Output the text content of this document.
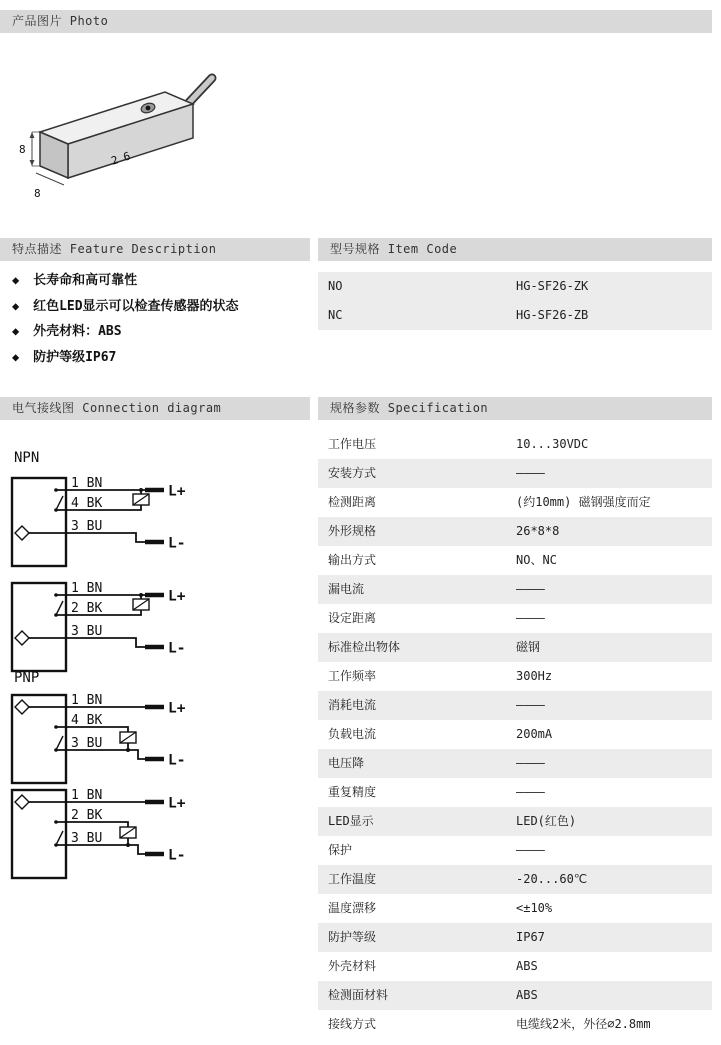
产品图片 Photo
8
8
26
特点描述 Feature Description	型号规格 Item Code
◆ 长寿命和高可靠性
◆ 红色LED显示可以检查传感器的状态
◆ 外壳材料：ABS
◆ 防护等级IP67
NO	HG-SF26-ZK
NC	HG-SF26-ZB
电气接线图 Connection diagram	规格参数 Specification
NPN
1 BN
4 BK
3 BU
L+
L-
1 BN
2 BK
3 BU
L+
L-
PNP
1 BN
4 BK
3 BU
L+
L-
1 BN
2 BK
3 BU
L+
L-
工作电压	10...30VDC
安装方式	————
检测距离	(约10mm) 磁钢强度而定
外形规格	26*8*8
输出方式	NO、NC
漏电流	————
设定距离	————
标准检出物体	磁钢
工作频率	300Hz
消耗电流	————
负载电流	200mA
电压降	————
重复精度	————
LED显示	LED(红色)
保护	————
工作温度	-20...60℃
温度漂移	<±10%
防护等级	IP67
外壳材料	ABS
检测面材料	ABS
接线方式	电缆线2米，外径∅2.8mm
